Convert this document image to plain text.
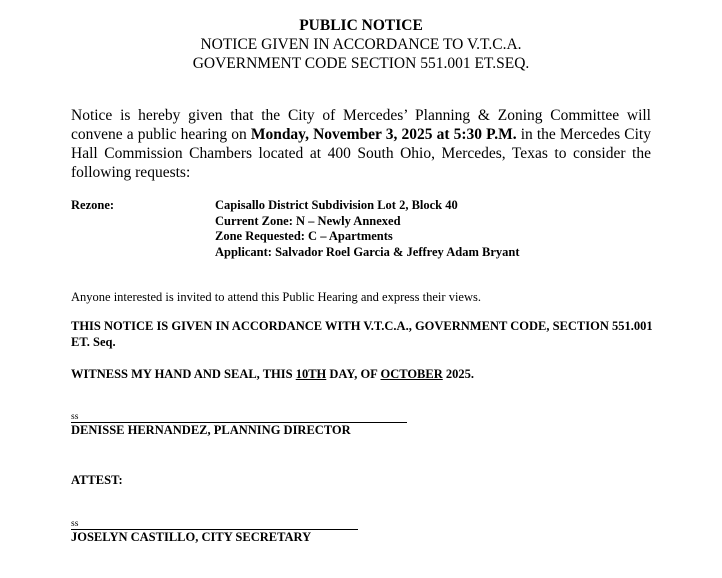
PUBLIC NOTICE
NOTICE GIVEN IN ACCORDANCE TO V.T.C.A.
GOVERNMENT CODE SECTION 551.001 ET.SEQ.
Notice is hereby given that the City of Mercedes’ Planning & Zoning Committee will convene a public hearing on Monday, November 3, 2025 at 5:30 P.M. in the Mercedes City Hall Commission Chambers located at 400 South Ohio, Mercedes, Texas to consider the following requests:
Rezone:	Capisallo District Subdivision Lot 2, Block 40
Current Zone: N – Newly Annexed
Zone Requested: C – Apartments
Applicant: Salvador Roel Garcia & Jeffrey Adam Bryant
Anyone interested is invited to attend this Public Hearing and express their views.
THIS NOTICE IS GIVEN IN ACCORDANCE WITH V.T.C.A., GOVERNMENT CODE, SECTION 551.001 ET. Seq.
WITNESS MY HAND AND SEAL, THIS 10TH DAY, OF OCTOBER 2025.
ss
DENISSE HERNANDEZ, PLANNING DIRECTOR
ATTEST:
ss
JOSELYN CASTILLO, CITY SECRETARY
